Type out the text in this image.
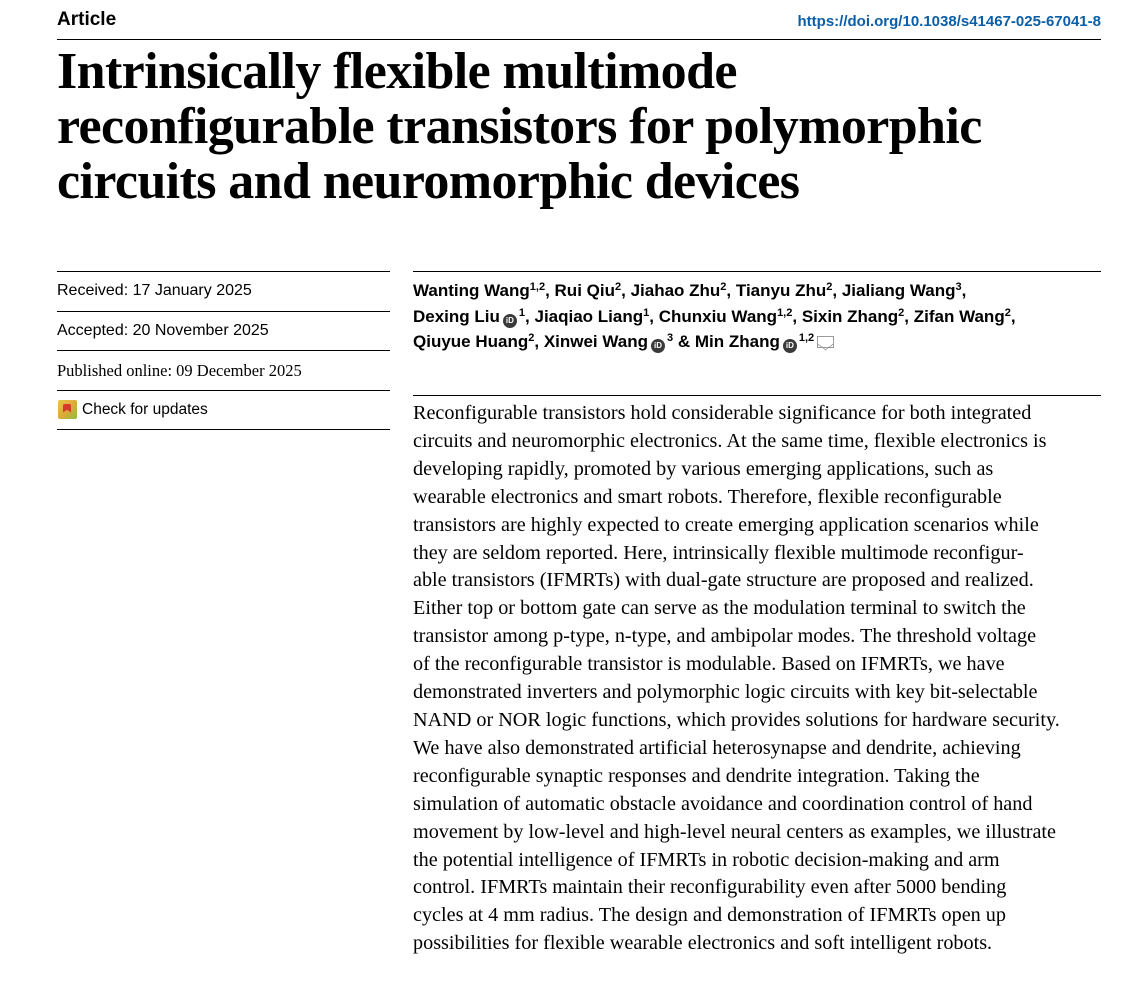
Article	https://doi.org/10.1038/s41467-025-67041-8
Intrinsically flexible multimode
reconfigurable transistors for polymorphic
circuits and neuromorphic devices
Received: 17 January 2025
Accepted: 20 November 2025
Published online: 09 December 2025
Check for updates
Wanting Wang$^{1,2}$, Rui Qiu$^2$, Jiahao Zhu$^2$, Tianyu Zhu$^2$, Jialiang Wang$^3$,
Dexing Liu $iD^1$, Jiaqiao Liang$^1$, Chunxiu Wang$^{1,2}$, Sixin Zhang$^2$, Zifan Wang$^2$,
Qiuyue Huang$^2$, Xinwei Wang $iD^3$ & Min Zhang iD$^{1,2}$
Reconfigurable transistors hold considerable significance for both integrated
circuits and neuromorphic electronics. At the same time, flexible electronics is
developing rapidly, promoted by various emerging applications, such as
wearable electronics and smart robots. Therefore, flexible reconfigurable
transistors are highly expected to create emerging application scenarios while
they are seldom reported. Here, intrinsically flexible multimode reconfigur-
able transistors (IFMRTs) with dual-gate structure are proposed and realized.
Either top or bottom gate can serve as the modulation terminal to switch the
transistor among p-type, n-type, and ambipolar modes. The threshold voltage
of the reconfigurable transistor is modulable. Based on IFMRTs, we have
demonstrated inverters and polymorphic logic circuits with key bit-selectable
NAND or NOR logic functions, which provides solutions for hardware security.
We have also demonstrated artificial heterosynapse and dendrite, achieving
reconfigurable synaptic responses and dendrite integration. Taking the
simulation of automatic obstacle avoidance and coordination control of hand
movement by low-level and high-level neural centers as examples, we illustrate
the potential intelligence of IFMRTs in robotic decision-making and arm
control. IFMRTs maintain their reconfigurability even after 5000 bending
cycles at 4 mm radius. The design and demonstration of IFMRTs open up
possibilities for flexible wearable electronics and soft intelligent robots.
